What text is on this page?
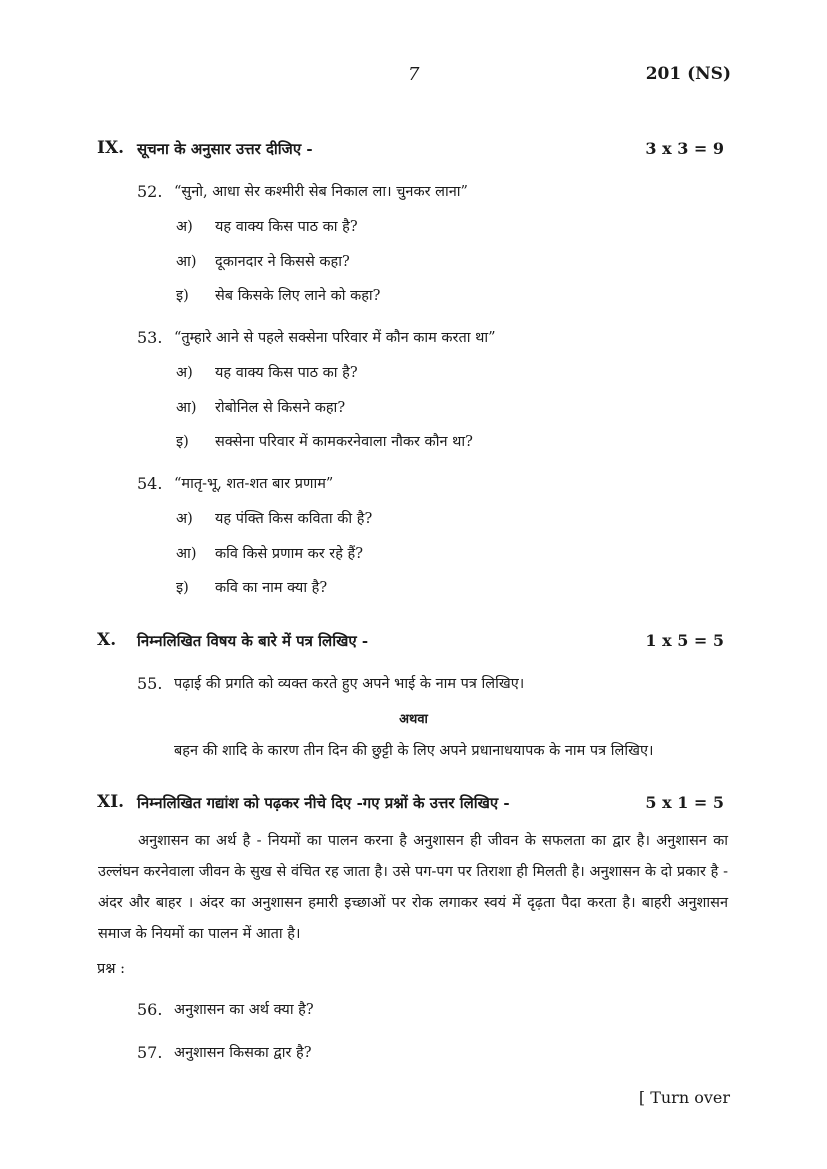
7	201 (NS)
IX. सूचना के अनुसार उत्तर दीजिए -	3 x 3 = 9
52. “सुनो, आधा सेर कश्मीरी सेब निकाल ला। चुनकर लाना”
अ) यह वाक्य किस पाठ का है?
आ) दूकानदार ने किससे कहा?
इ) सेब किसके लिए लाने को कहा?
53. “तुम्हारे आने से पहले सक्सेना परिवार में कौन काम करता था”
अ) यह वाक्य किस पाठ का है?
आ) रोबोनिल से किसने कहा?
इ) सक्सेना परिवार में कामकरनेवाला नौकर कौन था?
54. “मातृ-भू, शत-शत बार प्रणाम”
अ) यह पंक्ति किस कविता की है?
आ) कवि किसे प्रणाम कर रहे हैं?
इ) कवि का नाम क्या है?
X. निम्नलिखित विषय के बारे में पत्र लिखिए -	1 x 5 = 5
55. पढ़ाई की प्रगति को व्यक्त करते हुए अपने भाई के नाम पत्र लिखिए।
अथवा
बहन की शादि के कारण तीन दिन की छुट्टी के लिए अपने प्रधानाधयापक के नाम पत्र लिखिए।
XI. निम्नलिखित गद्यांश को पढ़कर नीचे दिए -गए प्रश्नों के उत्तर लिखिए -	5 x 1 = 5
अनुशासन का अर्थ है - नियमों का पालन करना है अनुशासन ही जीवन के सफलता का द्वार है। अनुशासन का उल्लंघन करनेवाला जीवन के सुख से वंचित रह जाता है। उसे पग-पग पर तिराशा ही मिलती है। अनुशासन के दो प्रकार है - अंदर और बाहर । अंदर का अनुशासन हमारी इच्छाओं पर रोक लगाकर स्वयं में दृढ़ता पैदा करता है। बाहरी अनुशासन समाज के नियमों का पालन में आता है।
प्रश्न :
56. अनुशासन का अर्थ क्या है?
57. अनुशासन किसका द्वार है?
[ Turn over
